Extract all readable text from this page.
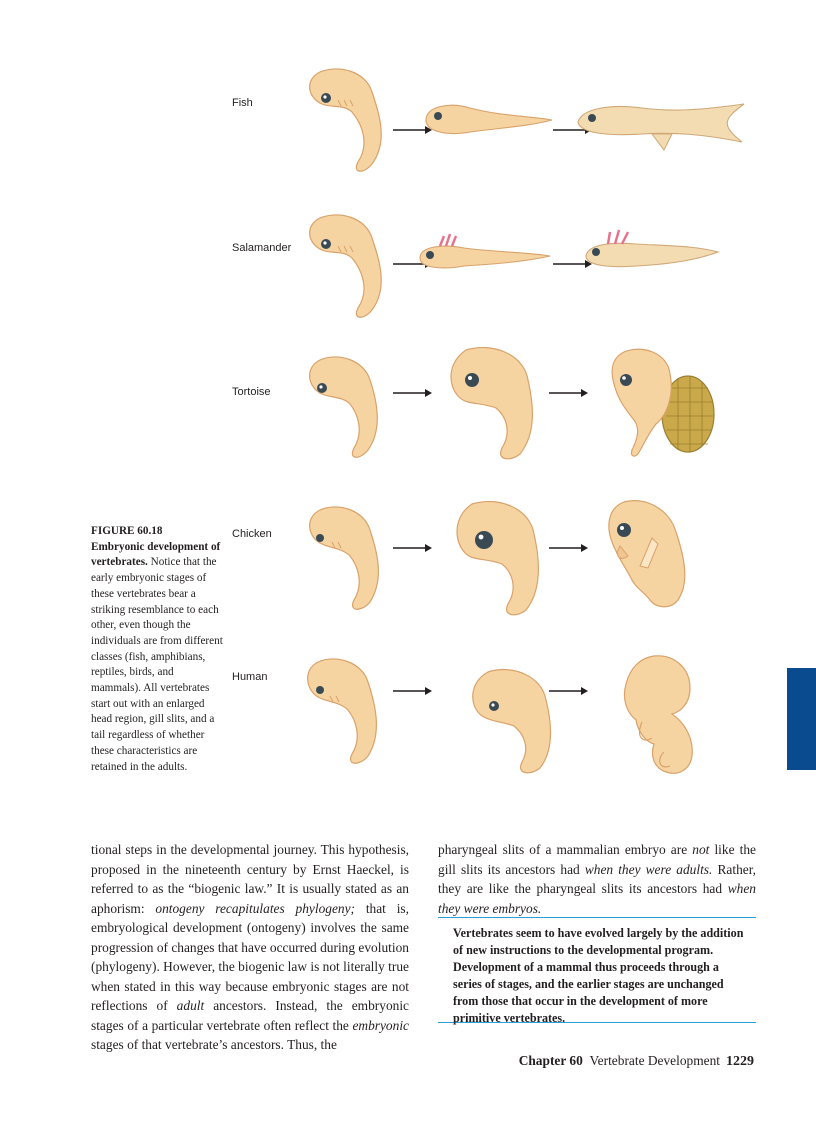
Fish
Salamander
Tortoise
Chicken
Human
FIGURE 60.18
Embryonic development of vertebrates. Notice that the early embryonic stages of these vertebrates bear a striking resemblance to each other, even though the individuals are from different classes (fish, amphibians, reptiles, birds, and mammals). All vertebrates start out with an enlarged head region, gill slits, and a tail regardless of whether these characteristics are retained in the adults.

tional steps in the developmental journey. This hypothesis, proposed in the nineteenth century by Ernst Haeckel, is referred to as the “biogenic law.” It is usually stated as an aphorism: ontogeny recapitulates phylogeny; that is, embryological development (ontogeny) involves the same progression of changes that have occurred during evolution (phylogeny). However, the biogenic law is not literally true when stated in this way because embryonic stages are not reflections of adult ancestors. Instead, the embryonic stages of a particular vertebrate often reflect the embryonic stages of that vertebrate’s ancestors. Thus, the

pharyngeal slits of a mammalian embryo are not like the gill slits its ancestors had when they were adults. Rather, they are like the pharyngeal slits its ancestors had when they were embryos.

Vertebrates seem to have evolved largely by the addition of new instructions to the developmental program. Development of a mammal thus proceeds through a series of stages, and the earlier stages are unchanged from those that occur in the development of more primitive vertebrates.
Chapter 60 Vertebrate Development 1229
